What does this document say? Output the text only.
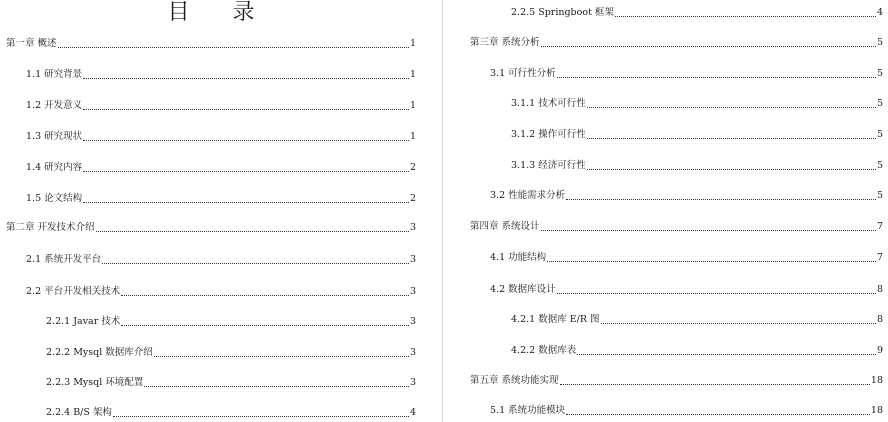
目 录
第一章 概述	1
1.1 研究背景	1
1.2 开发意义	1
1.3 研究现状	1
1.4 研究内容	2
1.5 论文结构	2
第二章 开发技术介绍	3
2.1 系统开发平台	3
2.2 平台开发相关技术	3
2.2.1 Javar 技术	3
2.2.2 Mysql 数据库介绍	3
2.2.3 Mysql 环境配置	3
2.2.4 B/S 架构	4
2.2.5 Springboot 框架	4
第三章 系统分析	5
3.1 可行性分析	5
3.1.1 技术可行性	5
3.1.2 操作可行性	5
3.1.3 经济可行性	5
3.2 性能需求分析	5
第四章 系统设计	7
4.1 功能结构	7
4.2 数据库设计	8
4.2.1 数据库 E/R 图	8
4.2.2 数据库表	9
第五章 系统功能实现	18
5.1 系统功能模块	18
